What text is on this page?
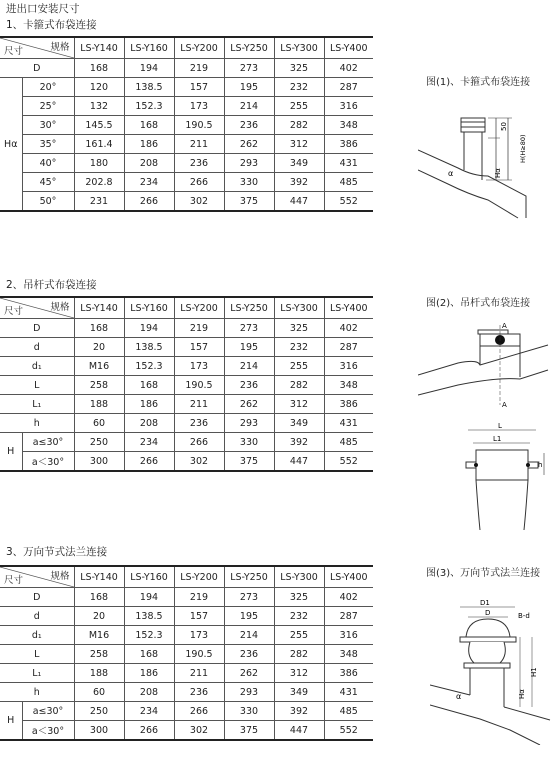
进出口安装尺寸
1、卡箍式布袋连接
2、吊杆式布袋连接
3、万向节式法兰连接
规格
尺寸		LS-Y140	LS-Y160	LS-Y200	LS-Y250	LS-Y300	LS-Y400
D		168	194	219	273	325	402
Hα	20°	120	138.5	157	195	232	287
	25°	132	152.3	173	214	255	316
	30°	145.5	168	190.5	236	282	348
	35°	161.4	186	211	262	312	386
	40°	180	208	236	293	349	431
	45°	202.8	234	266	330	392	485
	50°	231	266	302	375	447	552
规格
尺寸		LS-Y140	LS-Y160	LS-Y200	LS-Y250	LS-Y300	LS-Y400
D		168	194	219	273	325	402
d		20	138.5	157	195	232	287
d₁		M16	152.3	173	214	255	316
L		258	168	190.5	236	282	348
L₁		188	186	211	262	312	386
h		60	208	236	293	349	431
H	a≤30°	250	234	266	330	392	485
	a＜30°	300	266	302	375	447	552
规格
尺寸		LS-Y140	LS-Y160	LS-Y200	LS-Y250	LS-Y300	LS-Y400
D		168	194	219	273	325	402
d		20	138.5	157	195	232	287
d₁		M16	152.3	173	214	255	316
L		258	168	190.5	236	282	348
L₁		188	186	211	262	312	386
h		60	208	236	293	349	431
H	a≤30°	250	234	266	330	392	485
	a＜30°	300	266	302	375	447	552
图(1)、卡箍式布袋连接
50
H(H≥80)
Hα
α
图(2)、吊杆式布袋连接
A
A
L
L1
h
图(3)、万向节式法兰连接
D1
D	B-d
H1
Hα
α
